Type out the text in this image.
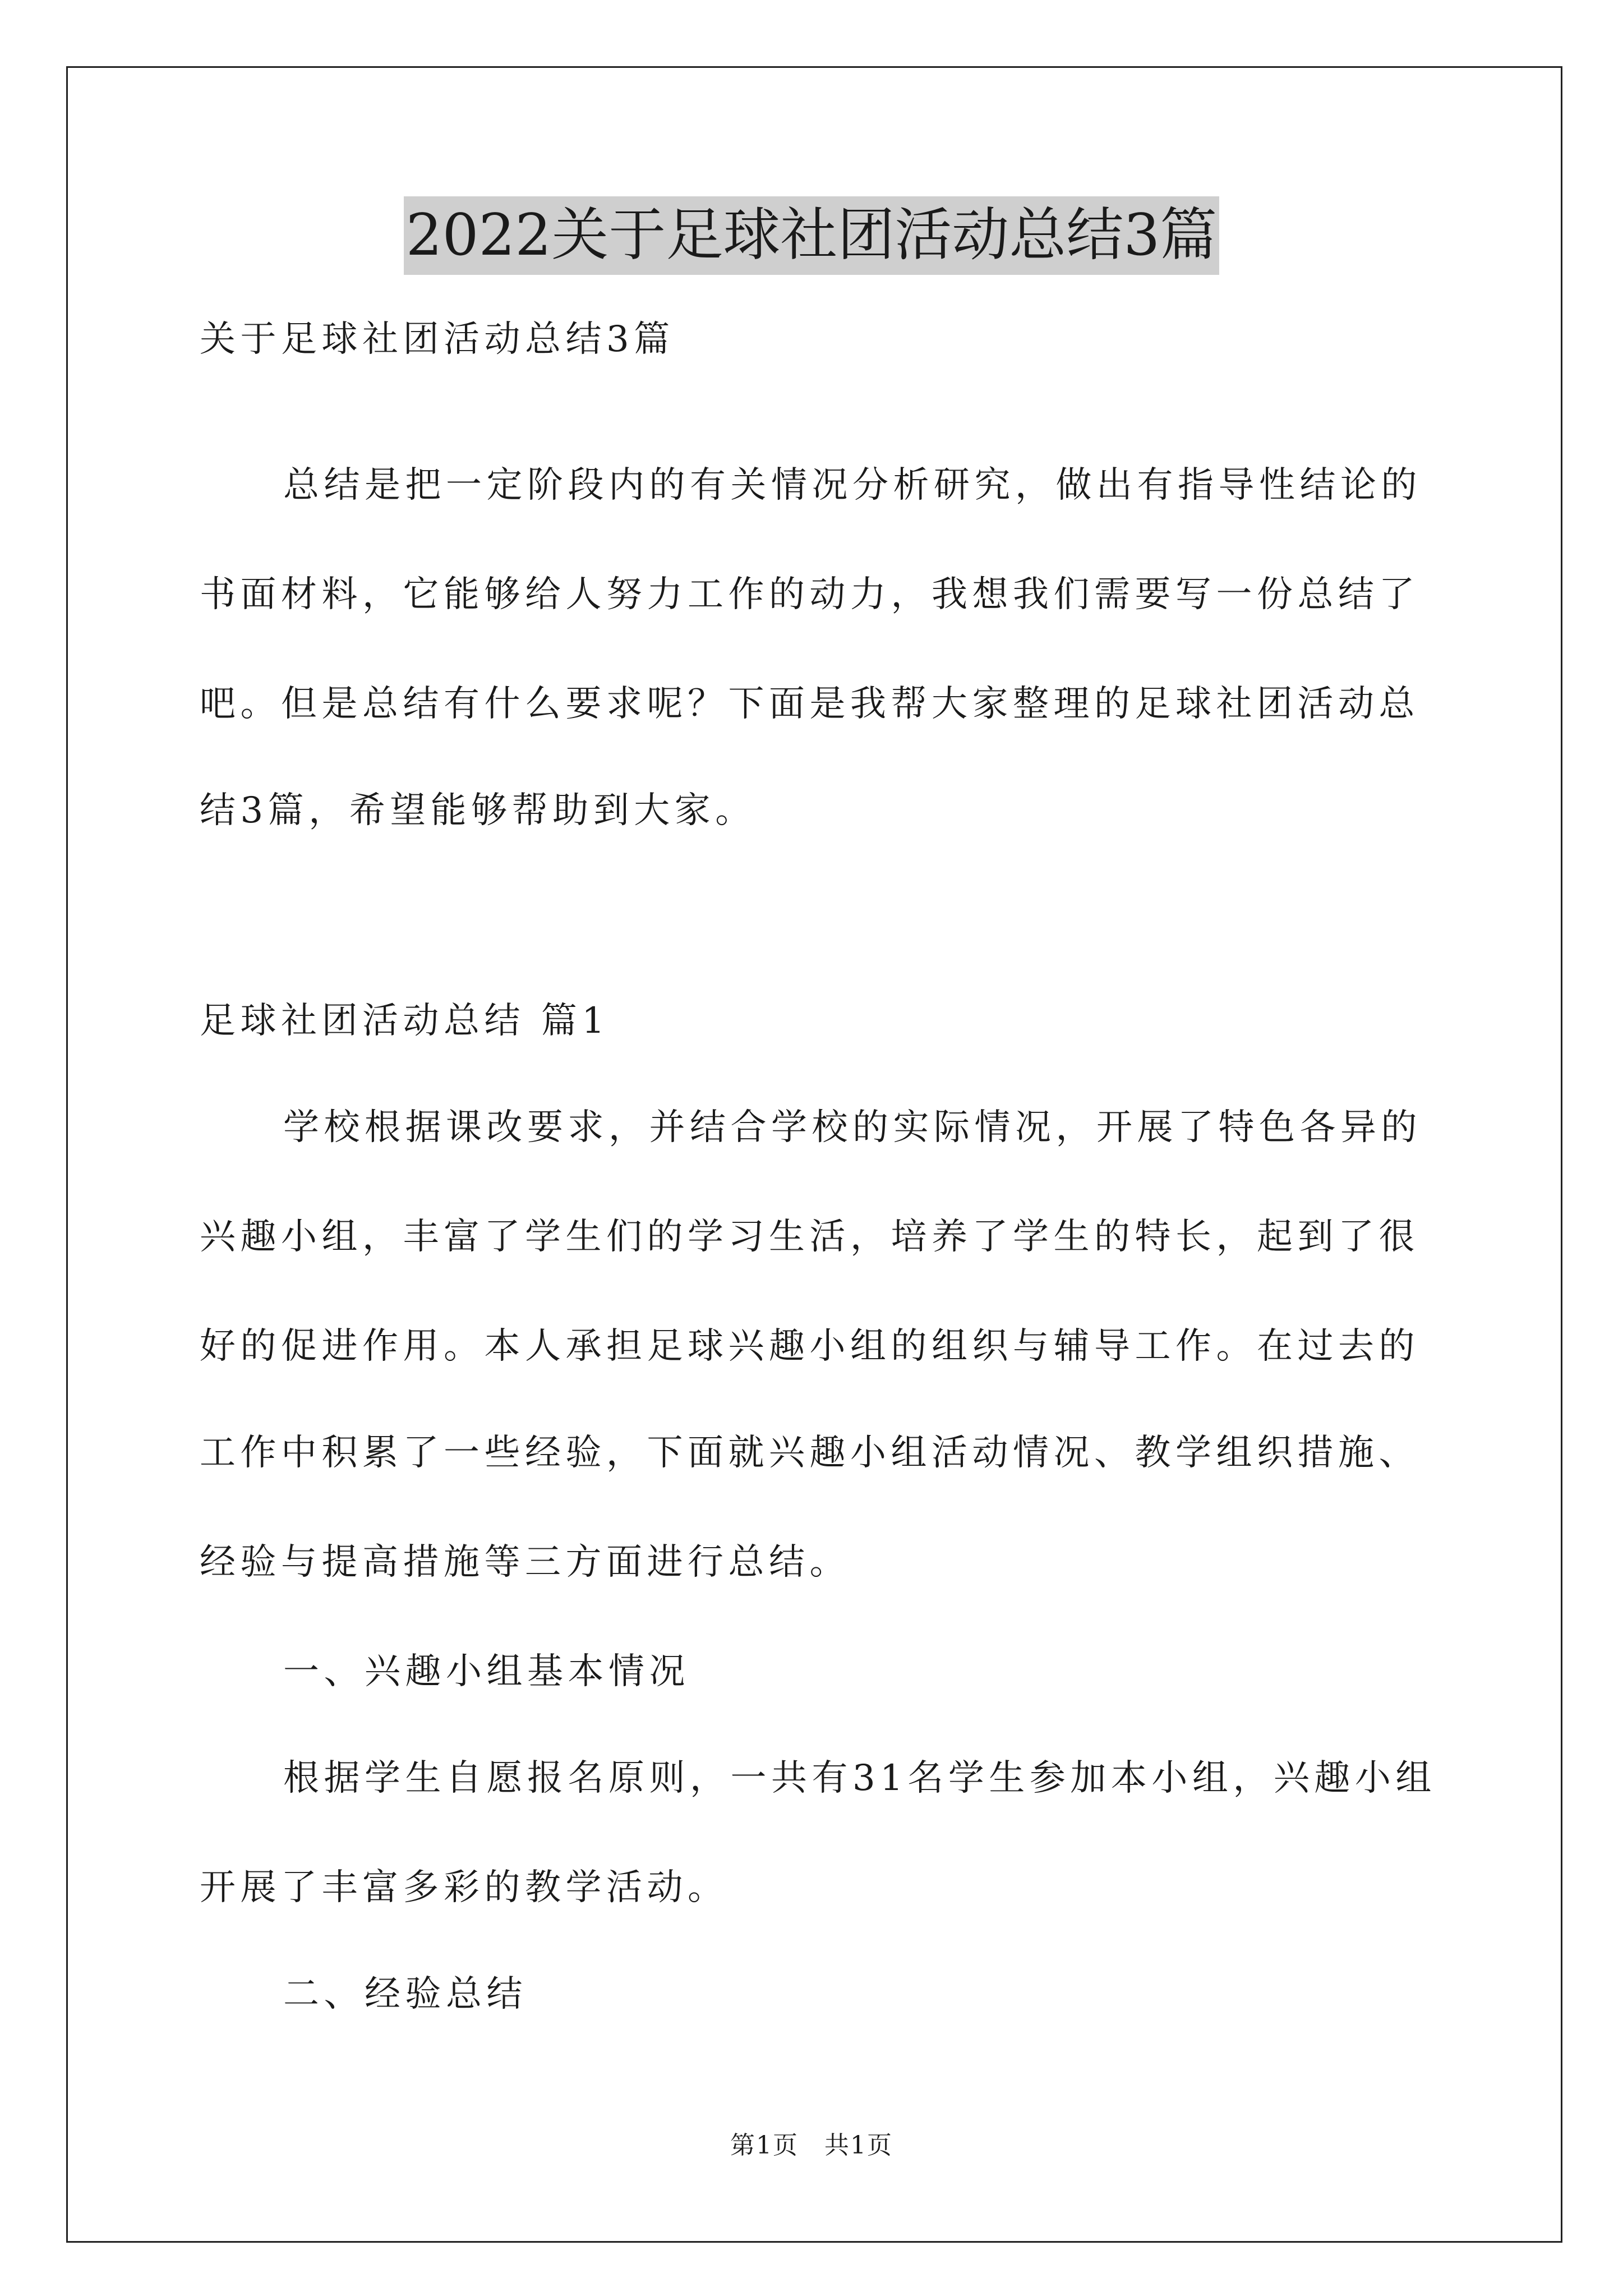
2022关于足球社团活动总结3篇
关于足球社团活动总结3篇
总结是把一定阶段内的有关情况分析研究，做出有指导性结论的
书面材料，它能够给人努力工作的动力，我想我们需要写一份总结了
吧。但是总结有什么要求呢？下面是我帮大家整理的足球社团活动总
结3篇，希望能够帮助到大家。
足球社团活动总结 篇1
学校根据课改要求，并结合学校的实际情况，开展了特色各异的
兴趣小组，丰富了学生们的学习生活，培养了学生的特长，起到了很
好的促进作用。本人承担足球兴趣小组的组织与辅导工作。在过去的
工作中积累了一些经验，下面就兴趣小组活动情况、教学组织措施、
经验与提高措施等三方面进行总结。
一、兴趣小组基本情况
根据学生自愿报名原则，一共有31名学生参加本小组，兴趣小组
开展了丰富多彩的教学活动。
二、经验总结
第1页　共1页
